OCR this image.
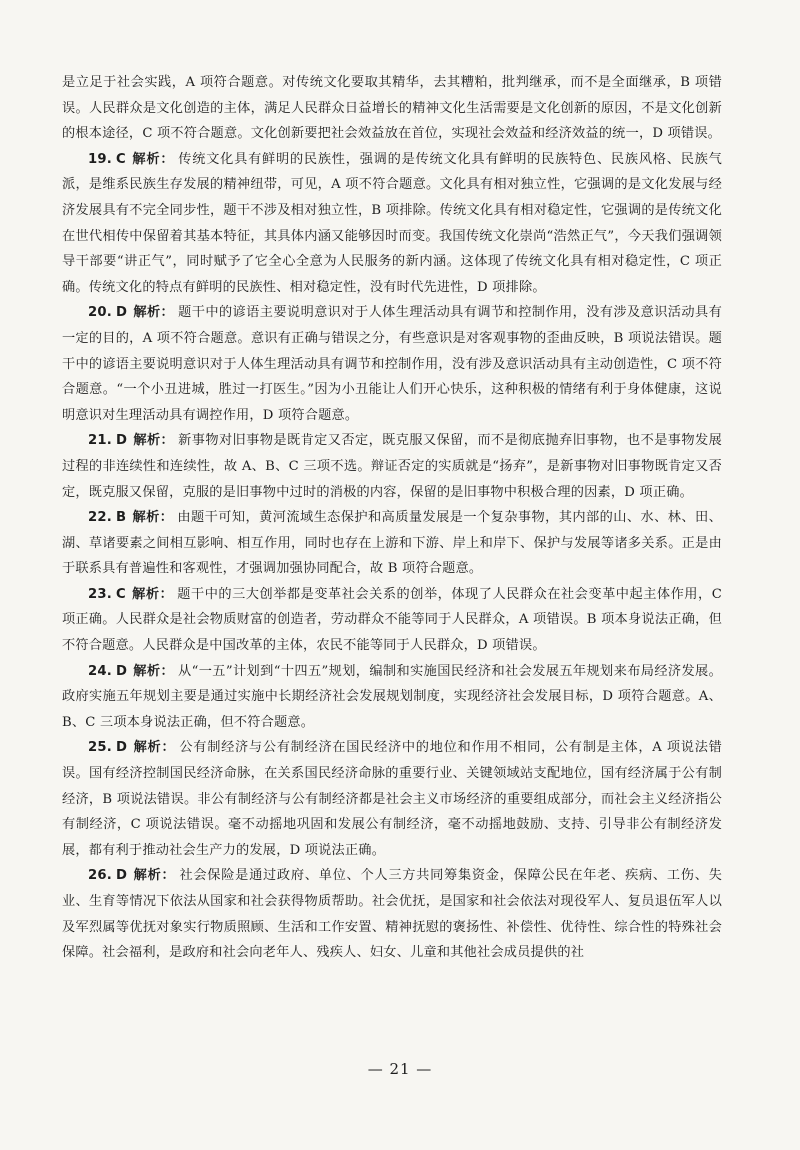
是立足于社会实践，A 项符合题意。对传统文化要取其精华，去其糟粕，批判继承，而不是全面继承，B 项错误。人民群众是文化创造的主体，满足人民群众日益增长的精神文化生活需要是文化创新的原因，不是文化创新的根本途径，C 项不符合题意。文化创新要把社会效益放在首位，实现社会效益和经济效益的统一，D 项错误。

19. C 解析： 传统文化具有鲜明的民族性，强调的是传统文化具有鲜明的民族特色、民族风格、民族气派，是维系民族生存发展的精神纽带，可见，A 项不符合题意。文化具有相对独立性，它强调的是文化发展与经济发展具有不完全同步性，题干不涉及相对独立性，B 项排除。传统文化具有相对稳定性，它强调的是传统文化在世代相传中保留着其基本特征，其具体内涵又能够因时而变。我国传统文化崇尚“浩然正气”，今天我们强调领导干部要“讲正气”，同时赋予了它全心全意为人民服务的新内涵。这体现了传统文化具有相对稳定性，C 项正确。传统文化的特点有鲜明的民族性、相对稳定性，没有时代先进性，D 项排除。

20. D 解析： 题干中的谚语主要说明意识对于人体生理活动具有调节和控制作用，没有涉及意识活动具有一定的目的，A 项不符合题意。意识有正确与错误之分，有些意识是对客观事物的歪曲反映，B 项说法错误。题干中的谚语主要说明意识对于人体生理活动具有调节和控制作用，没有涉及意识活动具有主动创造性，C 项不符合题意。“一个小丑进城，胜过一打医生。”因为小丑能让人们开心快乐，这种积极的情绪有利于身体健康，这说明意识对生理活动具有调控作用，D 项符合题意。

21. D 解析： 新事物对旧事物是既肯定又否定，既克服又保留，而不是彻底抛弃旧事物，也不是事物发展过程的非连续性和连续性，故 A、B、C 三项不选。辩证否定的实质就是“扬弃”，是新事物对旧事物既肯定又否定，既克服又保留，克服的是旧事物中过时的消极的内容，保留的是旧事物中积极合理的因素，D 项正确。

22. B 解析： 由题干可知，黄河流域生态保护和高质量发展是一个复杂事物，其内部的山、水、林、田、湖、草诸要素之间相互影响、相互作用，同时也存在上游和下游、岸上和岸下、保护与发展等诸多关系。正是由于联系具有普遍性和客观性，才强调加强协同配合，故 B 项符合题意。

23. C 解析： 题干中的三大创举都是变革社会关系的创举，体现了人民群众在社会变革中起主体作用，C 项正确。人民群众是社会物质财富的创造者，劳动群众不能等同于人民群众，A 项错误。B 项本身说法正确，但不符合题意。人民群众是中国改革的主体，农民不能等同于人民群众，D 项错误。

24. D 解析： 从“一五”计划到“十四五”规划，编制和实施国民经济和社会发展五年规划来布局经济发展。政府实施五年规划主要是通过实施中长期经济社会发展规划制度，实现经济社会发展目标，D 项符合题意。A、B、C 三项本身说法正确，但不符合题意。

25. D 解析： 公有制经济与公有制经济在国民经济中的地位和作用不相同，公有制是主体，A 项说法错误。国有经济控制国民经济命脉，在关系国民经济命脉的重要行业、关键领域站支配地位，国有经济属于公有制经济，B 项说法错误。非公有制经济与公有制经济都是社会主义市场经济的重要组成部分，而社会主义经济指公有制经济，C 项说法错误。毫不动摇地巩固和发展公有制经济，毫不动摇地鼓励、支持、引导非公有制经济发展，都有利于推动社会生产力的发展，D 项说法正确。

26. D 解析： 社会保险是通过政府、单位、个人三方共同筹集资金，保障公民在年老、疾病、工伤、失业、生育等情况下依法从国家和社会获得物质帮助。社会优抚，是国家和社会依法对现役军人、复员退伍军人以及军烈属等优抚对象实行物质照顾、生活和工作安置、精神抚慰的褒扬性、补偿性、优待性、综合性的特殊社会保障。社会福利，是政府和社会向老年人、残疾人、妇女、儿童和其他社会成员提供的社

— 21 —
